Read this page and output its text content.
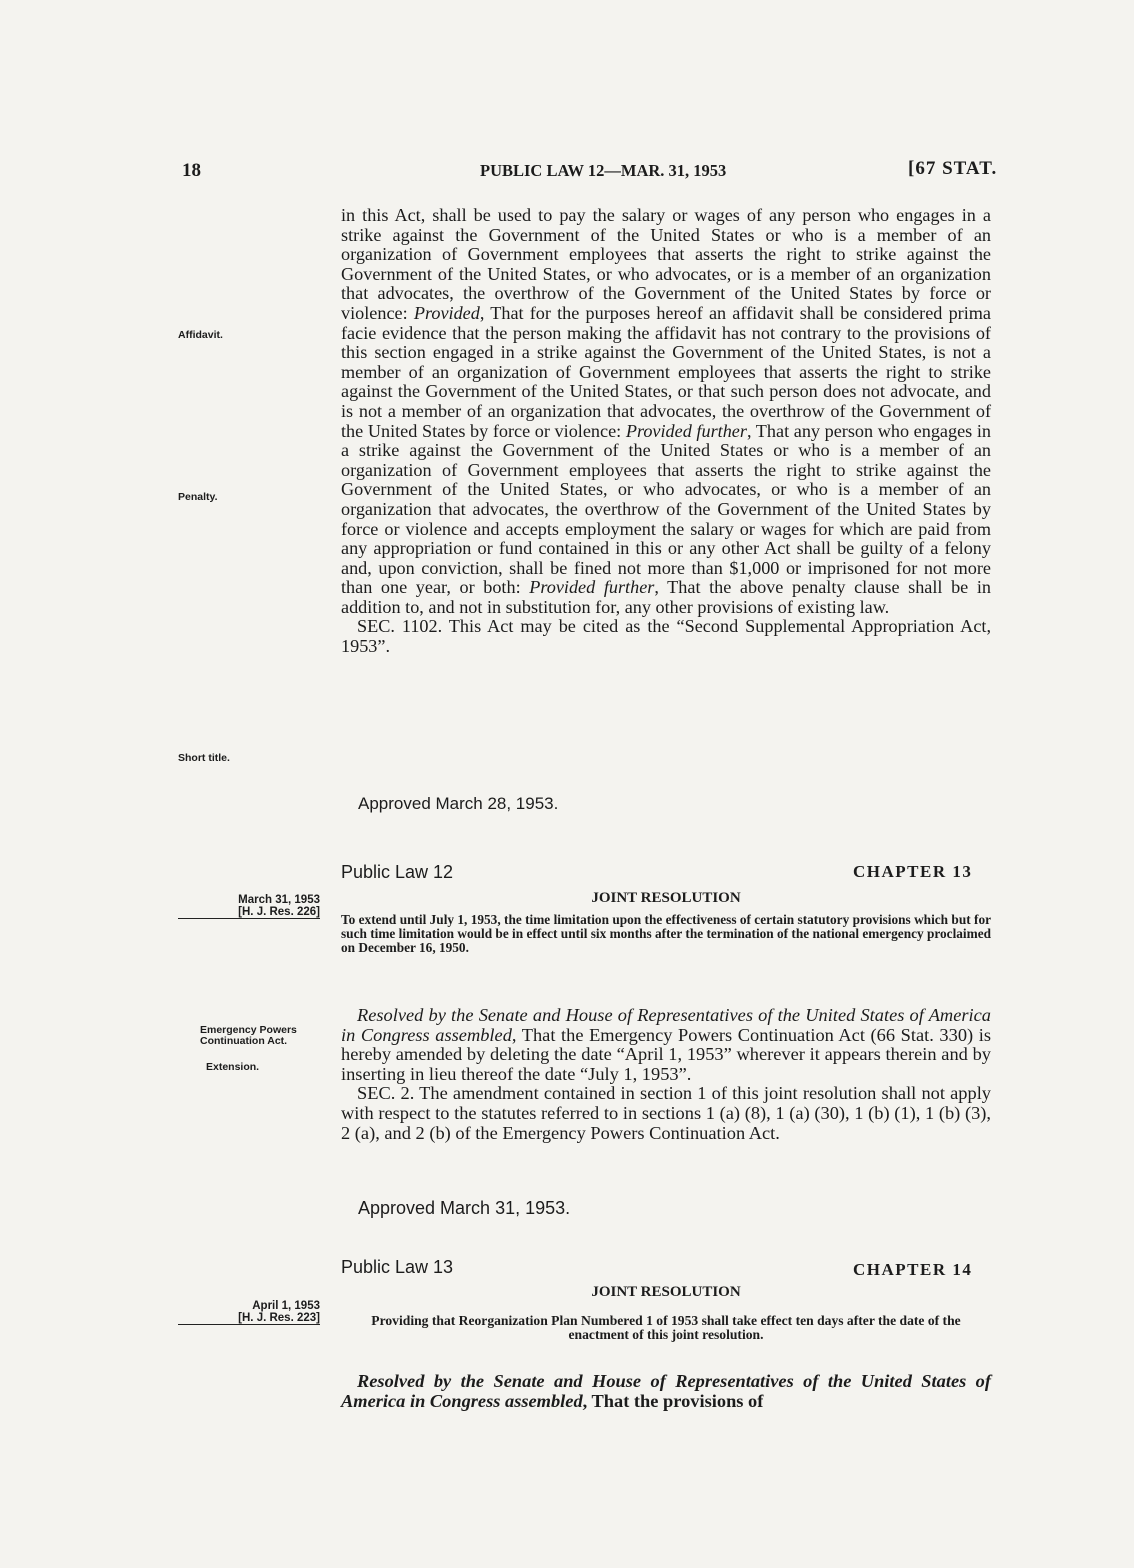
18	PUBLIC LAW 12—MAR. 31, 1953	[67 STAT.
Affidavit.
Penalty.
Short title.
March 31, 1953

[H. J. Res. 226]
Emergency Powers Continuation Act.
Extension.
April 1, 1953

[H. J. Res. 223]

in this Act, shall be used to pay the salary or wages of any person who engages in a strike against the Government of the United States or who is a member of an organization of Government employees that asserts the right to strike against the Government of the United States, or who advocates, or is a member of an organization that advocates, the overthrow of the Government of the United States by force or violence: Provided, That for the purposes hereof an affidavit shall be considered prima facie evidence that the person making the affidavit has not contrary to the provisions of this section engaged in a strike against the Government of the United States, is not a member of an organization of Government employees that asserts the right to strike against the Government of the United States, or that such person does not advocate, and is not a member of an organization that advocates, the overthrow of the Government of the United States by force or violence: Provided further, That any person who engages in a strike against the Government of the United States or who is a member of an organization of Government employees that asserts the right to strike against the Government of the United States, or who advocates, or who is a member of an organization that advocates, the overthrow of the Government of the United States by force or violence and accepts employment the salary or wages for which are paid from any appropriation or fund contained in this or any other Act shall be guilty of a felony and, upon conviction, shall be fined not more than $1,000 or imprisoned for not more than one year, or both: Provided further, That the above penalty clause shall be in addition to, and not in substitution for, any other provisions of existing law.

SEC. 1102. This Act may be cited as the “Second Supplemental Appropriation Act, 1953”.

Approved March 28, 1953.
Public Law 12	CHAPTER 13
JOINT RESOLUTION
To extend until July 1, 1953, the time limitation upon the effectiveness of certain statutory provisions which but for such time limitation would be in effect until six months after the termination of the national emergency proclaimed on December 16, 1950.

Resolved by the Senate and House of Representatives of the United States of America in Congress assembled, That the Emergency Powers Continuation Act (66 Stat. 330) is hereby amended by deleting the date “April 1, 1953” wherever it appears therein and by inserting in lieu thereof the date “July 1, 1953”.

SEC. 2. The amendment contained in section 1 of this joint resolution shall not apply with respect to the statutes referred to in sections 1 (a) (8), 1 (a) (30), 1 (b) (1), 1 (b) (3), 2 (a), and 2 (b) of the Emergency Powers Continuation Act.

Approved March 31, 1953.
Public Law 13	CHAPTER 14
JOINT RESOLUTION
Providing that Reorganization Plan Numbered 1 of 1953 shall take effect ten days after the date of the enactment of this joint resolution.

Resolved by the Senate and House of Representatives of the United States of America in Congress assembled, That the provisions of
